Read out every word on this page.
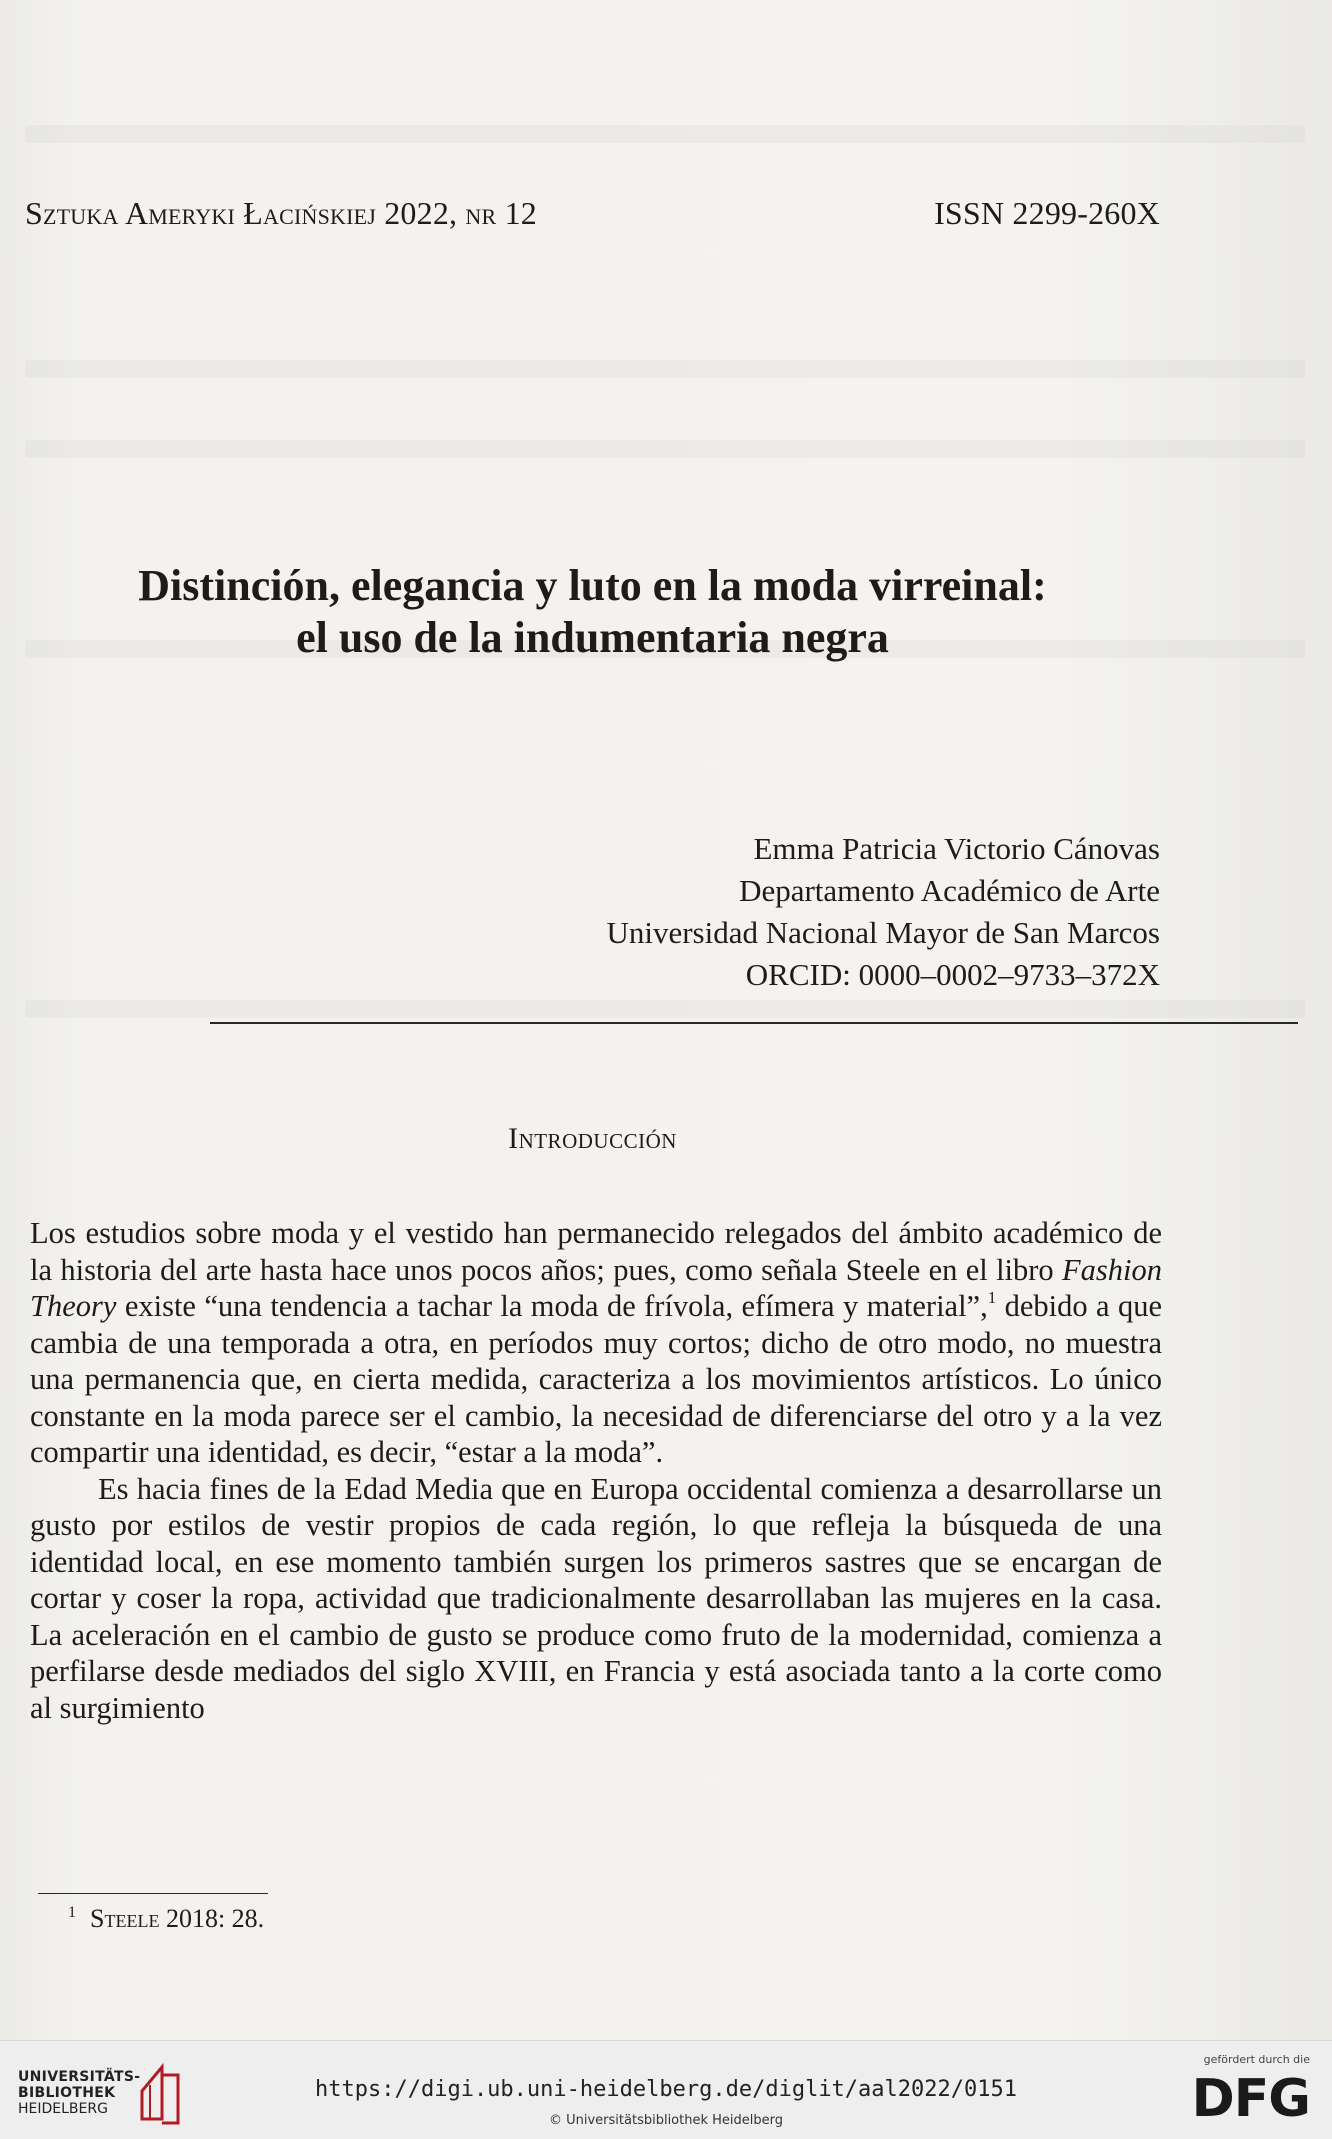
Sztuka Ameryki Łacińskiej 2022, nr 12	ISSN 2299-260X
Distinción, elegancia y luto en la moda virreinal:
el uso de la indumentaria negra
Emma Patricia Victorio Cánovas
Departamento Académico de Arte
Universidad Nacional Mayor de San Marcos
ORCID: 0000–0002–9733–372X
Introducción

Los estudios sobre moda y el vestido han permanecido relegados del ámbito académico de la historia del arte hasta hace unos pocos años; pues, como señala Steele en el libro Fashion Theory existe “una tendencia a tachar la moda de frívola, efímera y material”,$^1$ debido a que cambia de una temporada a otra, en períodos muy cortos; dicho de otro modo, no muestra una permanencia que, en cierta medida, caracteriza a los movimientos artísticos. Lo único constante en la moda parece ser el cambio, la necesidad de diferenciarse del otro y a la vez compartir una identidad, es decir, “estar a la moda”.

Es hacia fines de la Edad Media que en Europa occidental comienza a desarrollarse un gusto por estilos de vestir propios de cada región, lo que refleja la búsqueda de una identidad local, en ese momento también surgen los primeros sastres que se encargan de cortar y coser la ropa, actividad que tradicionalmente desarrollaban las mujeres en la casa. La aceleración en el cambio de gusto se produce como fruto de la modernidad, comienza a perfilarse desde mediados del siglo XVIII, en Francia y está asociada tanto a la corte como al surgimiento

$^1$ Steele 2018: 28.
UNIVERSITÄTS-
BIBLIOTHEK
HEIDELBERG
https://digi.ub.uni-heidelberg.de/diglit/aal2022/0151
© Universitätsbibliothek Heidelberg
gefördert durch die
DFG
